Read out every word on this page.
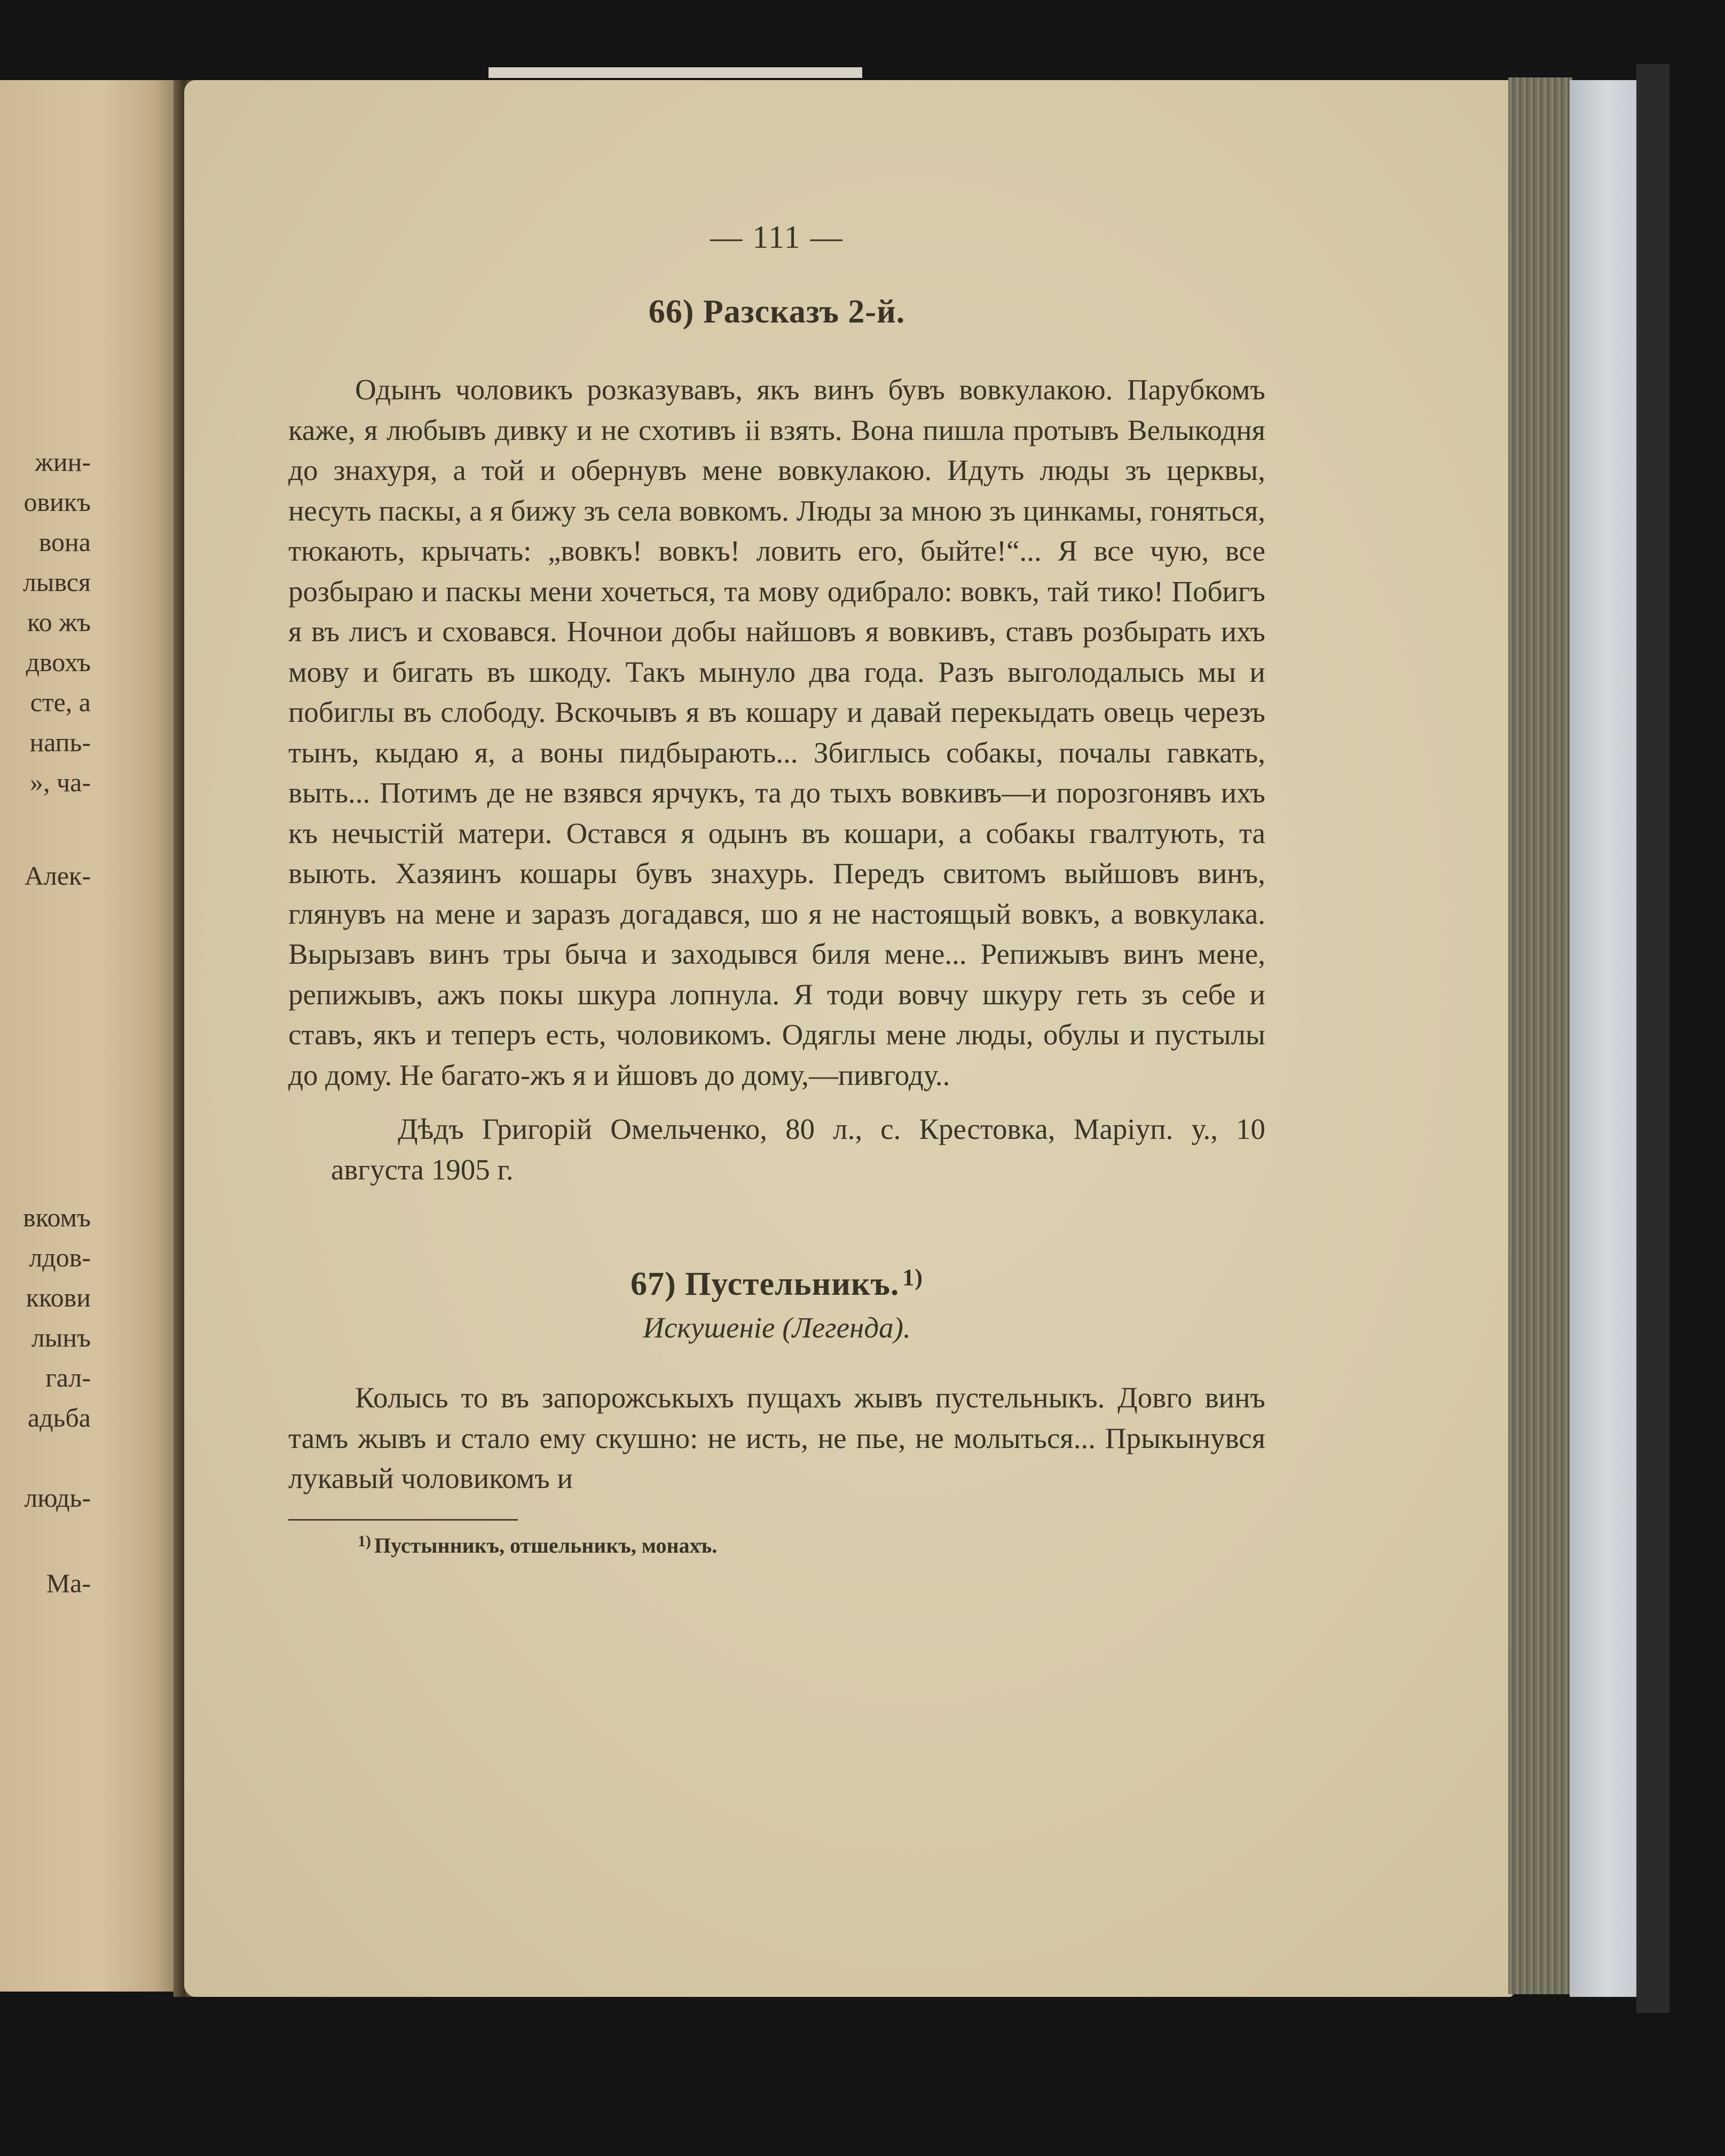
жин-
овикъ
вона
лывся
ко жъ
двохъ
сте, а
напь-
», ча-
Алек-
вкомъ
лдов-
ккови
лынъ
гал-
адьба
людь-
Ма-
— 111 —
66) Разсказъ 2-й.

Одынъ чоловикъ розказувавъ, якъ винъ бувъ вовкулакою. Парубкомъ каже, я любывъ дивку и не схотивъ ii взять. Вона пишла протывъ Велыкодня до знахуря, а той и обернувъ мене вовкулакою. Идуть люды зъ церквы, несуть паскы, а я бижу зъ села вовкомъ. Люды за мною зъ цинкамы, гоняться, тюкають, крычать: „вовкъ! вовкъ! ловить его, быйте!“... Я все чую, все розбыраю и паскы мени хочеться, та мову одибрало: вовкъ, тай тико! Побигъ я въ лисъ и сховався. Ночнои добы найшовъ я вовкивъ, ставъ розбырать ихъ мову и бигать въ шкоду. Такъ мынуло два года. Разъ выголодалысь мы и побиглы въ слободу. Вскочывъ я въ кошару и давай перекыдать овець черезъ тынъ, кыдаю я, а воны пидбырають... Збиглысь собакы, почалы гавкать, выть... Потимъ де не взявся ярчукъ, та до тыхъ вовкивъ—и порозгонявъ ихъ къ нечыстій матери. Остався я одынъ въ кошари, а собакы гвалтують, та выють. Хазяинъ кошары бувъ знахурь. Передъ свитомъ выйшовъ винъ, глянувъ на мене и заразъ догадався, шо я не настоящый вовкъ, а вовкулака. Вырызавъ винъ тры быча и заходывся биля мене... Репижывъ винъ мене, репижывъ, ажъ покы шкура лопнула. Я тоди вовчу шкуру геть зъ себе и ставъ, якъ и теперъ есть, чоловикомъ. Одяглы мене люды, обулы и пустылы до дому. Не багато-жъ я и йшовъ до дому,—пивгоду..

Дѣдъ Григорій Омельченко, 80 л., с. Крестовка, Маріуп. у., 10 августа 1905 г.

67) Пустельникъ. $^{1)}$
Искушеніе (Легенда).

Колысь то въ запорожськыхъ пущахъ жывъ пустельныкъ. Довго винъ тамъ жывъ и стало ему скушно: не исть, не пье, не молыться... Прыкынувся лукавый чоловикомъ и

$^{1)}$ Пустынникъ, отшельникъ, монахъ.
